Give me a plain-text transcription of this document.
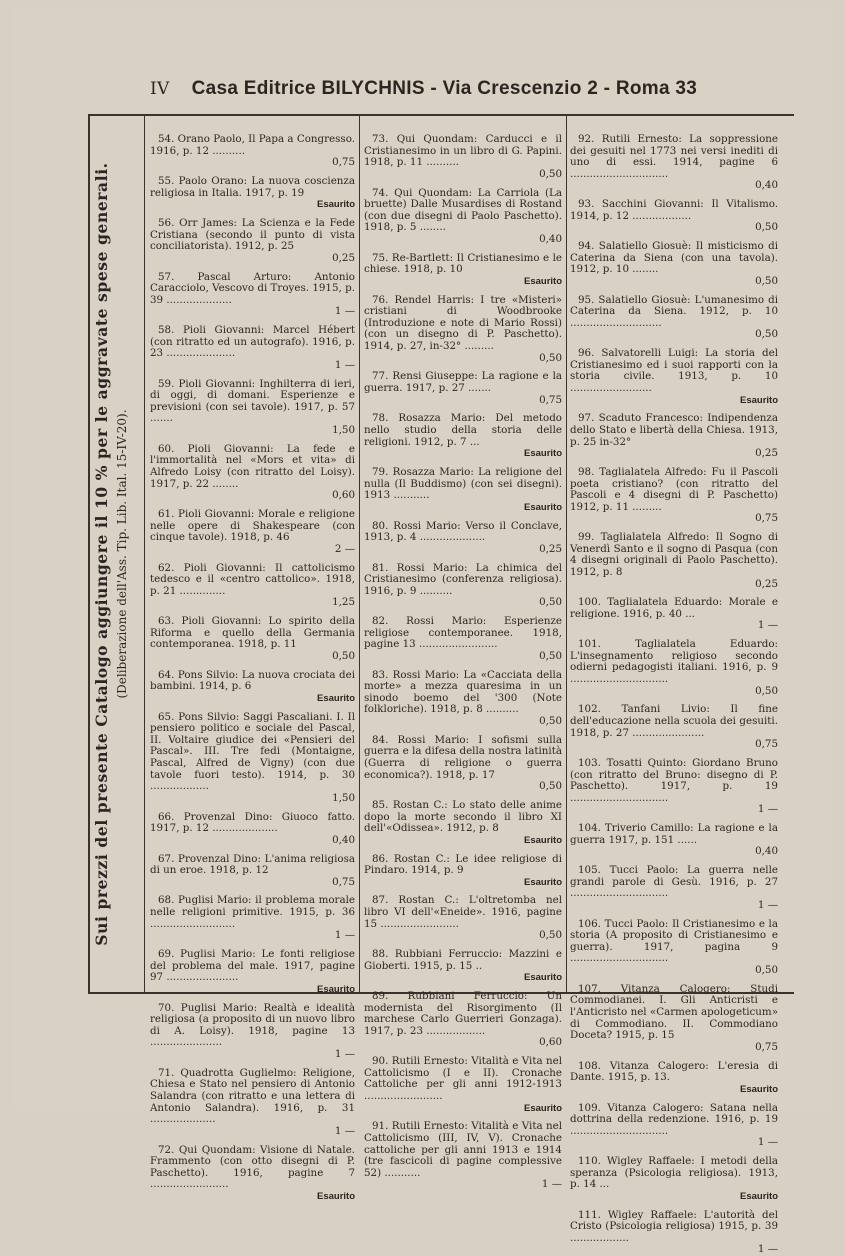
IV Casa Editrice BILYCHNIS - Via Crescenzio 2 - Roma 33
Sui prezzi del presente Catalogo aggiungere il 10 % per le aggravate spese generali. (Deliberazione dell'Ass. Tip. Lib. Ital. 15-IV-20).

54. Orano Paolo, Il Papa a Congresso. 1916, p. 12 ..........
0,75

55. Paolo Orano: La nuova coscienza religiosa in Italia. 1917, p. 19
Esaurito

56. Orr James: La Scienza e la Fede Cristiana (secondo il punto di vista conciliatorista). 1912, p. 25
0,25

57. Pascal Arturo: Antonio Caracciolo, Vescovo di Troyes. 1915, p. 39 ....................
1 —

58. Pioli Giovanni: Marcel Hébert (con ritratto ed un autografo). 1916, p. 23 .....................
1 —

59. Pioli Giovanni: Inghilterra di ieri, di oggi, di domani. Esperienze e previsioni (con sei tavole). 1917, p. 57 .......
1,50

60. Pioli Giovanni: La fede e l'immortalità nel «Mors et vita» di Alfredo Loisy (con ritratto del Loisy). 1917, p. 22 ........
0,60

61. Pioli Giovanni: Morale e religione nelle opere di Shakespeare (con cinque tavole). 1918, p. 46
2 —

62. Pioli Giovanni: Il cattolicismo tedesco e il «centro cattolico». 1918, p. 21 ..............
1,25

63. Pioli Giovanni: Lo spirito della Riforma e quello della Germania contemporanea. 1918, p. 11
0,50

64. Pons Silvio: La nuova crociata dei bambini. 1914, p. 6
Esaurito

65. Pons Silvio: Saggi Pascaliani. I. Il pensiero politico e sociale del Pascal, II. Voltaire giudice dei «Pensieri del Pascal». III. Tre fedi (Montaigne, Pascal, Alfred de Vigny) (con due tavole fuori testo). 1914, p. 30 ..................
1,50

66. Provenzal Dino: Giuoco fatto. 1917, p. 12 ....................
0,40

67. Provenzal Dino: L'anima religiosa di un eroe. 1918, p. 12
0,75

68. Puglisi Mario: il problema morale nelle religioni primitive. 1915, p. 36 ..........................
1 —

69. Puglisi Mario: Le fonti religiose del problema del male. 1917, pagine 97 ......................
Esaurito

70. Puglisi Mario: Realtà e idealità religiosa (a proposito di un nuovo libro di A. Loisy). 1918, pagine 13 ......................
1 —

71. Quadrotta Guglielmo: Religione, Chiesa e Stato nel pensiero di Antonio Salandra (con ritratto e una lettera di Antonio Salandra). 1916, p. 31 ....................
1 —

72. Qui Quondam: Visione di Natale. Frammento (con otto disegni di P. Paschetto). 1916, pagine 7 ........................
Esaurito

73. Qui Quondam: Carducci e il Cristianesimo in un libro di G. Papini. 1918, p. 11 ..........
0,50

74. Qui Quondam: La Carriola (La bruette) Dalle Musardises di Rostand (con due disegni di Paolo Paschetto). 1918, p. 5 ........
0,40

75. Re-Bartlett: Il Cristianesimo e le chiese. 1918, p. 10
Esaurito

76. Rendel Harris: I tre «Misteri» cristiani di Woodbrooke (Introduzione e note di Mario Rossi) (con un disegno di P. Paschetto). 1914, p. 27, in-32° .........
0,50

77. Rensi Giuseppe: La ragione e la guerra. 1917, p. 27 .......
0,75

78. Rosazza Mario: Del metodo nello studio della storia delle religioni. 1912, p. 7 ...
Esaurito

79. Rosazza Mario: La religione del nulla (Il Buddismo) (con sei disegni). 1913 ...........
Esaurito

80. Rossi Mario: Verso il Conclave, 1913, p. 4 ....................
0,25

81. Rossi Mario: La chimica del Cristianesimo (conferenza religiosa). 1916, p. 9 ..........
0,50

82. Rossi Mario: Esperienze religiose contemporanee. 1918, pagine 13 ........................
0,50

83. Rossi Mario: La «Cacciata della morte» a mezza quaresima in un sinodo boemo del '300 (Note folkloriche). 1918, p. 8 ..........
0,50

84. Rossi Mario: I sofismi sulla guerra e la difesa della nostra latinità (Guerra di religione o guerra economica?). 1918, p. 17
0,50

85. Rostan C.: Lo stato delle anime dopo la morte secondo il libro XI dell'«Odissea». 1912, p. 8
Esaurito

86. Rostan C.: Le idee religiose di Pindaro. 1914, p. 9
Esaurito

87. Rostan C.: L'oltretomba nel libro VI dell'«Eneide». 1916, pagine 15 ........................
0,50

88. Rubbiani Ferruccio: Mazzini e Gioberti. 1915, p. 15 ..
Esaurito

89. Rubbiani Ferruccio: Un modernista del Risorgimento (Il marchese Carlo Guerrieri Gonzaga). 1917, p. 23 ..................
0,60

90. Rutili Ernesto: Vitalità e Vita nel Cattolicismo (I e II). Cronache Cattoliche per gli anni 1912-1913 ........................
Esaurito

91. Rutili Ernesto: Vitalità e Vita nel Cattolicismo (III, IV, V). Cronache cattoliche per gli anni 1913 e 1914 (tre fascicoli di pagine complessive 52) ...........
1 —

92. Rutili Ernesto: La soppressione dei gesuiti nel 1773 nei versi inediti di uno di essi. 1914, pagine 6 ..............................
0,40

93. Sacchini Giovanni: Il Vitalismo. 1914, p. 12 ..................
0,50

94. Salatiello Giosuè: Il misticismo di Caterina da Siena (con una tavola). 1912, p. 10 ........
0,50

95. Salatiello Giosuè: L'umanesimo di Caterina da Siena. 1912, p. 10 ............................
0,50

96. Salvatorelli Luigi: La storia del Cristianesimo ed i suoi rapporti con la storia civile. 1913, p. 10 .........................
Esaurito

97. Scaduto Francesco: Indipendenza dello Stato e libertà della Chiesa. 1913, p. 25 in-32°
0,25

98. Taglialatela Alfredo: Fu il Pascoli poeta cristiano? (con ritratto del Pascoli e 4 disegni di P. Paschetto) 1912, p. 11 .........
0,75

99. Taglialatela Alfredo: Il Sogno di Venerdì Santo e il sogno di Pasqua (con 4 disegni originali di Paolo Paschetto). 1912, p. 8
0,25

100. Taglialatela Eduardo: Morale e religione. 1916, p. 40 ...
1 —

101. Taglialatela Eduardo: L'insegnamento religioso secondo odierni pedagogisti italiani. 1916, p. 9 ..............................
0,50

102. Tanfani Livio: Il fine dell'educazione nella scuola dei gesuiti. 1918, p. 27 ......................
0,75

103. Tosatti Quinto: Giordano Bruno (con ritratto del Bruno: disegno di P. Paschetto). 1917, p. 19 ..............................
1 —

104. Triverio Camillo: La ragione e la guerra 1917, p. 151 ......
0,40

105. Tucci Paolo: La guerra nelle grandi parole di Gesù. 1916, p. 27 ..............................
1 —

106. Tucci Paolo: Il Cristianesimo e la storia (A proposito di Cristianesimo e guerra). 1917, pagina 9 ..............................
0,50

107. Vitanza Calogero: Studi Commodianei. I. Gli Anticristi e l'Anticristo nel «Carmen apologeticum» di Commodiano. II. Commodiano Doceta? 1915, p. 15
0,75

108. Vitanza Calogero: L'eresia di Dante. 1915, p. 13.
Esaurito

109. Vitanza Calogero: Satana nella dottrina della redenzione. 1916, p. 19 ..............................
1 —

110. Wigley Raffaele: I metodi della speranza (Psicologia religiosa). 1913, p. 14 ...
Esaurito

111. Wigley Raffaele: L'autorità del Cristo (Psicologia religiosa) 1915, p. 39 ..................
1 —
